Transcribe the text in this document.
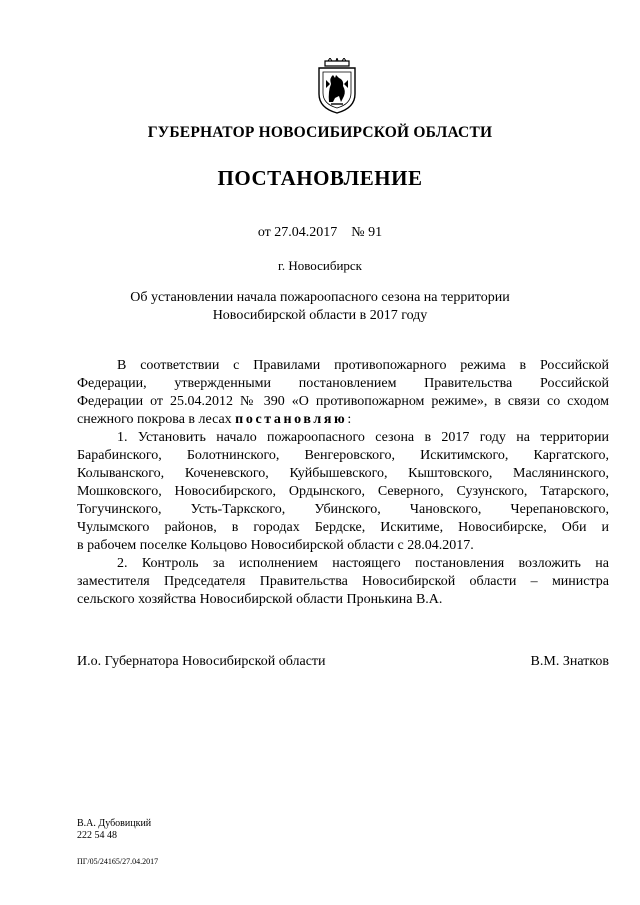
ГУБЕРНАТОР НОВОСИБИРСКОЙ ОБЛАСТИ
ПОСТАНОВЛЕНИЕ
от 27.04.2017 № 91
г. Новосибирск
Об установлении начала пожароопасного сезона на территории
Новосибирской области в 2017 году
В соответствии с Правилами противопожарного режима в Российской
Федерации, утвержденными постановлением Правительства Российской
Федерации от 25.04.2012 № 390 «О противопожарном режиме», в связи со сходом
снежного покрова в лесах постановляю:
1. Установить начало пожароопасного сезона в 2017 году на территории
Барабинского, Болотнинского, Венгеровского, Искитимского, Каргатского,
Колыванского, Коченевского, Куйбышевского, Кыштовского, Маслянинского,
Мошковского, Новосибирского, Ордынского, Северного, Сузунского, Татарского,
Тогучинского, Усть-Таркского, Убинского, Чановского, Черепановского,
Чулымского районов, в городах Бердске, Искитиме, Новосибирске, Оби и
в рабочем поселке Кольцово Новосибирской области с 28.04.2017.
2. Контроль за исполнением настоящего постановления возложить на
заместителя Председателя Правительства Новосибирской области – министра
сельского хозяйства Новосибирской области Пронькина В.А.
И.о. Губернатора Новосибирской области	В.М. Знатков
В.А. Дубовицкий
222 54 48
ПГ/05/24165/27.04.2017
